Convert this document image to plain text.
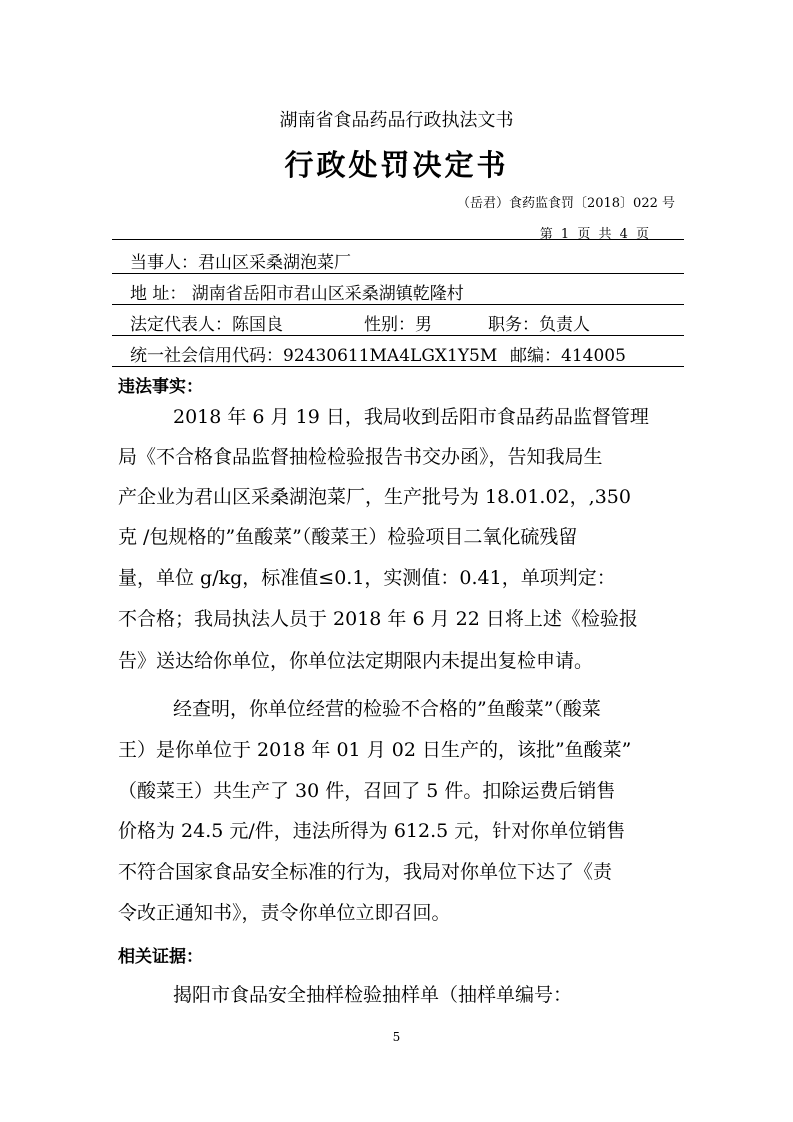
湖南省食品药品行政执法文书
行政处罚决定书
（岳君）食药监食罚〔2018〕022 号
第 1 页 共 4 页
当事人：君山区采桑湖泡菜厂
地 址： 湖南省岳阳市君山区采桑湖镇乾隆村
法定代表人：陈国良	性别：男	职务：负责人
统一社会信用代码：92430611MA4LGX1Y5M 邮编：414005
违法事实：
2018 年 6 月 19 日，我局收到岳阳市食品药品监督管理
局《不合格食品监督抽检检验报告书交办函》，告知我局生
产企业为君山区采桑湖泡菜厂，生产批号为 18.01.02，,350
克 /包规格的”鱼酸菜”（酸菜王）检验项目二氧化硫残留
量，单位 g/kg，标准值≤0.1，实测值：0.41，单项判定：
不合格；我局执法人员于 2018 年 6 月 22 日将上述《检验报
告》送达给你单位，你单位法定期限内未提出复检申请。
经查明，你单位经营的检验不合格的”鱼酸菜”（酸菜
王）是你单位于 2018 年 01 月 02 日生产的，该批”鱼酸菜”
（酸菜王）共生产了 30 件，召回了 5 件。扣除运费后销售
价格为 24.5 元/件，违法所得为 612.5 元，针对你单位销售
不符合国家食品安全标准的行为，我局对你单位下达了《责
令改正通知书》，责令你单位立即召回。
相关证据：
揭阳市食品安全抽样检验抽样单（抽样单编号：
5
